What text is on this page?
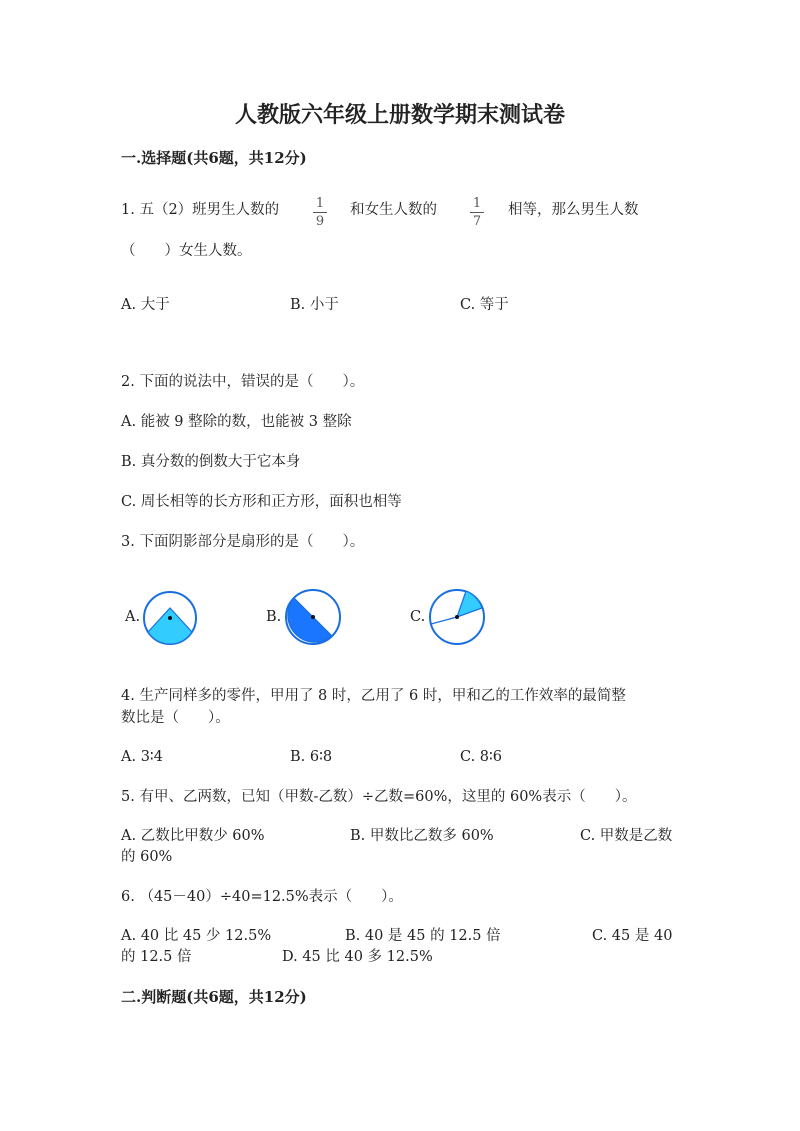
人教版六年级上册数学期末测试卷
一.选择题(共6题，共12分)
1. 五（2）班男生人数的	1
9
和女生人数的	1
7
相等，那么男生人数
（　　）女生人数。
A. 大于	B. 小于	C. 等于
2. 下面的说法中，错误的是（　　）。
A. 能被 9 整除的数，也能被 3 整除
B. 真分数的倒数大于它本身
C. 周长相等的长方形和正方形，面积也相等
3. 下面阴影部分是扇形的是（　　）。
A.	B.	C.
4. 生产同样多的零件，甲用了 8 时，乙用了 6 时，甲和乙的工作效率的最简整
数比是（　　）。
A. 3∶4	B. 6∶8	C. 8∶6
5. 有甲、乙两数，已知（甲数-乙数）÷乙数=60%，这里的 60%表示（　　）。
A. 乙数比甲数少 60%	B. 甲数比乙数多 60%	C. 甲数是乙数
的 60%
6. （45－40）÷40=12.5%表示（　　）。
A. 40 比 45 少 12.5%	B. 40 是 45 的 12.5 倍	C. 45 是 40
的 12.5 倍	D. 45 比 40 多 12.5%
二.判断题(共6题，共12分)
